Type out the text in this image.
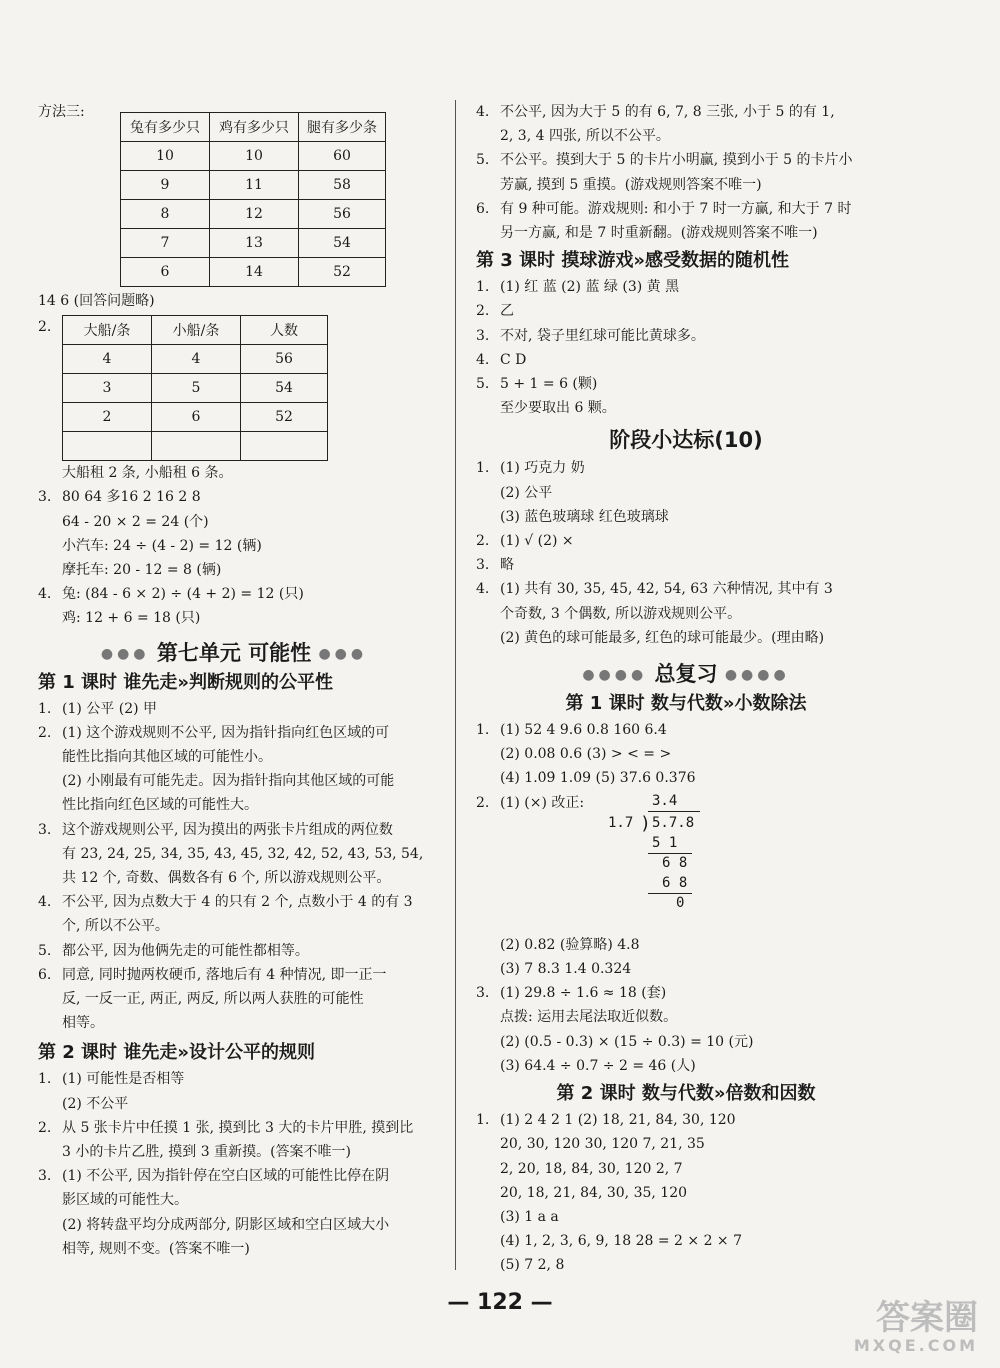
方法三:
兔有多少只	鸡有多少只	腿有多少条
10	10	60
9	11	58
8	12	56
7	13	54
6	14	52
14 6 (回答问题略)
2.	大船/条	小船/条	人数
4	4	56
3	5	54
2	6	52

大船租 2 条, 小船租 6 条。
3. 80 64 多16 2 16 2 8
64 - 20 × 2 = 24 (个)
小汽车: 24 ÷ (4 - 2) = 12 (辆)
摩托车: 20 - 12 = 8 (辆)
4. 兔: (84 - 6 × 2) ÷ (4 + 2) = 12 (只)
鸡: 12 + 6 = 18 (只)
●●● 第七单元 可能性 ●●●
第 1 课时 谁先走»判断规则的公平性
1. (1) 公平 (2) 甲
2. (1) 这个游戏规则不公平, 因为指针指向红色区域的可
能性比指向其他区域的可能性小。
(2) 小刚最有可能先走。因为指针指向其他区域的可能
性比指向红色区域的可能性大。
3. 这个游戏规则公平, 因为摸出的两张卡片组成的两位数
有 23, 24, 25, 34, 35, 43, 45, 32, 42, 52, 43, 53, 54,
共 12 个, 奇数、偶数各有 6 个, 所以游戏规则公平。
4. 不公平, 因为点数大于 4 的只有 2 个, 点数小于 4 的有 3
个, 所以不公平。
5. 都公平, 因为他俩先走的可能性都相等。
6. 同意, 同时抛两枚硬币, 落地后有 4 种情况, 即一正一
反, 一反一正, 两正, 两反, 所以两人获胜的可能性
相等。
第 2 课时 谁先走»设计公平的规则
1. (1) 可能性是否相等
(2) 不公平
2. 从 5 张卡片中任摸 1 张, 摸到比 3 大的卡片甲胜, 摸到比
3 小的卡片乙胜, 摸到 3 重新摸。(答案不唯一)
3. (1) 不公平, 因为指针停在空白区域的可能性比停在阴
影区域的可能性大。
(2) 将转盘平均分成两部分, 阴影区域和空白区域大小
相等, 规则不变。(答案不唯一)
4. 不公平, 因为大于 5 的有 6, 7, 8 三张, 小于 5 的有 1,
2, 3, 4 四张, 所以不公平。
5. 不公平。摸到大于 5 的卡片小明赢, 摸到小于 5 的卡片小
芳赢, 摸到 5 重摸。(游戏规则答案不唯一)
6. 有 9 种可能。游戏规则: 和小于 7 时一方赢, 和大于 7 时
另一方赢, 和是 7 时重新翻。(游戏规则答案不唯一)
第 3 课时 摸球游戏»感受数据的随机性
1. (1) 红 蓝 (2) 蓝 绿 (3) 黄 黑
2. 乙
3. 不对, 袋子里红球可能比黄球多。
4. C D
5. 5 + 1 = 6 (颗)
至少要取出 6 颗。
阶段小达标(10)
1. (1) 巧克力 奶
(2) 公平
(3) 蓝色玻璃球 红色玻璃球
2. (1) √ (2) ×
3. 略
4. (1) 共有 30, 35, 45, 42, 54, 63 六种情况, 其中有 3
个奇数, 3 个偶数, 所以游戏规则公平。
(2) 黄色的球可能最多, 红色的球可能最少。(理由略)
●●●● 总复习 ●●●●
第 1 课时 数与代数»小数除法
1. (1) 52 4 9.6 0.8 160 6.4
(2) 0.08 0.6 (3) > < = >
(4) 1.0̇9̇ 1.09 (5) 37.6 0.376
2. (1) (×) 改正:	3.4
1.7 ) 5.7.8
5 1
6 8
6 8
0
(2) 0.82 (验算略) 4.8
(3) 7 8.3 1.4 0.324
3. (1) 29.8 ÷ 1.6 ≈ 18 (套)
点拨: 运用去尾法取近似数。
(2) (0.5 - 0.3) × (15 ÷ 0.3) = 10 (元)
(3) 64.4 ÷ 0.7 ÷ 2 = 46 (人)
第 2 课时 数与代数»倍数和因数
1. (1) 2 4 2 1 (2) 18, 21, 84, 30, 120
20, 30, 120 30, 120 7, 21, 35
2, 20, 18, 84, 30, 120 2, 7
20, 18, 21, 84, 30, 35, 120
(3) 1 a a
(4) 1, 2, 3, 6, 9, 18 28 = 2 × 2 × 7
(5) 7 2, 8
— 122 —	答案圈
MXQE.COM
